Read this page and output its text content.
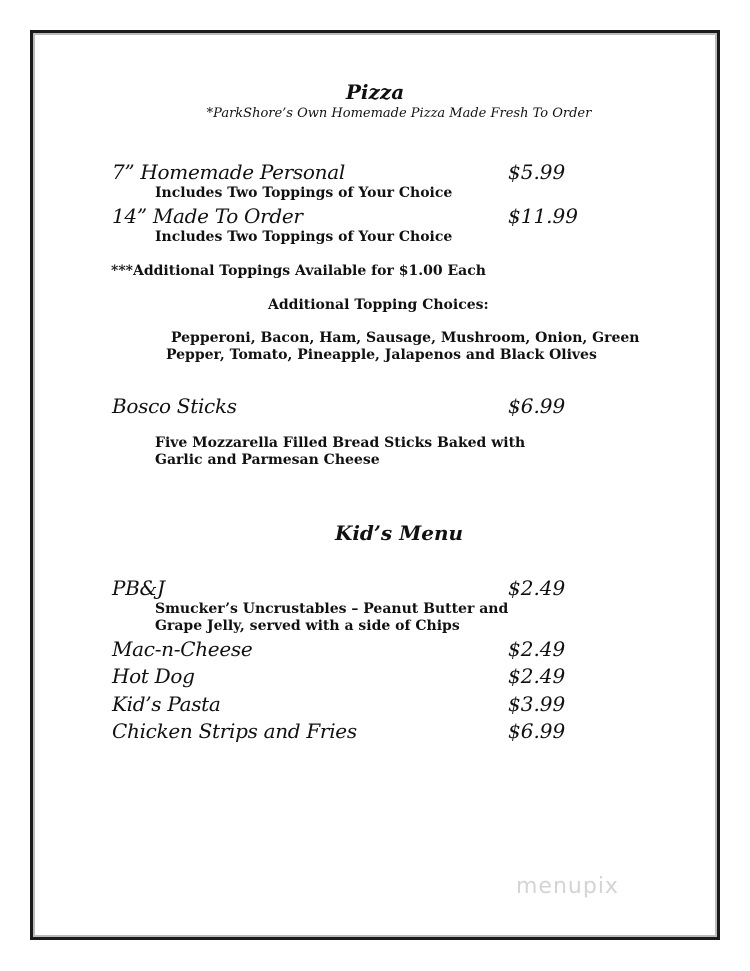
Pizza
*ParkShore’s Own Homemade Pizza Made Fresh To Order
7” Homemade Personal	$5.99
Includes Two Toppings of Your Choice
14” Made To Order	$11.99
Includes Two Toppings of Your Choice
***Additional Toppings Available for $1.00 Each
Additional Topping Choices:
Pepperoni, Bacon, Ham, Sausage, Mushroom, Onion, Green
Pepper, Tomato, Pineapple, Jalapenos and Black Olives
Bosco Sticks	$6.99
Five Mozzarella Filled Bread Sticks Baked with
Garlic and Parmesan Cheese
Kid’s Menu
PB&J	$2.49
Smucker’s Uncrustables – Peanut Butter and
Grape Jelly, served with a side of Chips
Mac-n-Cheese	$2.49
Hot Dog	$2.49
Kid’s Pasta	$3.99
Chicken Strips and Fries	$6.99
menupix
